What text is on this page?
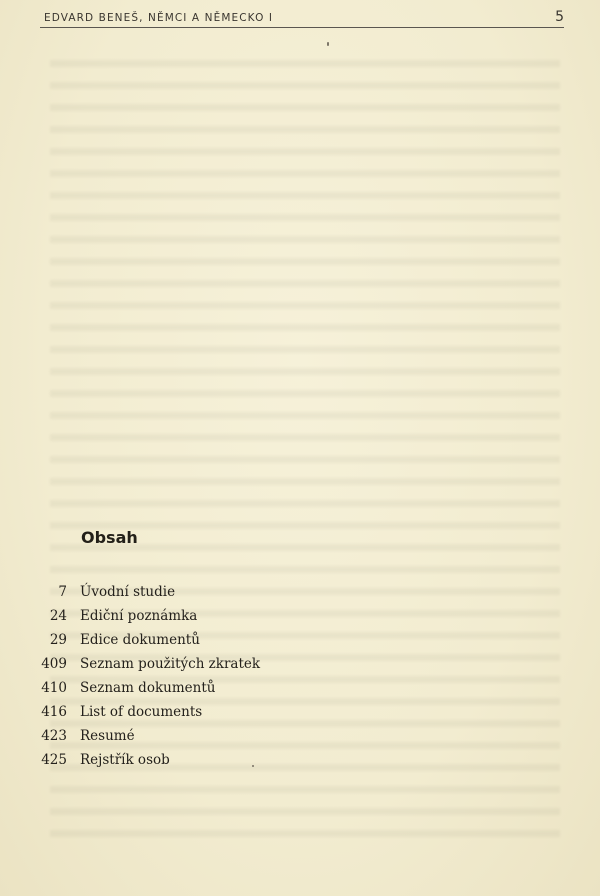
EDVARD BENEŠ, NĚMCI A NĚMECKO I	5
Obsah
7 Úvodní studie
24 Ediční poznámka
29 Edice dokumentů
409 Seznam použitých zkratek
410 Seznam dokumentů
416 List of documents
423 Resumé
425 Rejstřík osob
